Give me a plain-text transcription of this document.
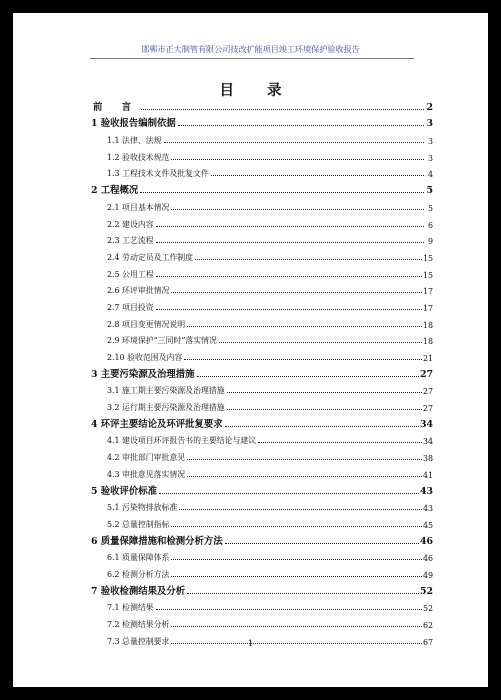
邯郸市正大制管有限公司技改扩能项目竣工环境保护验收报告
目 录
前 言	2
1 验收报告编制依据	3
1.1 法律、法规	3
1.2 验收技术规范	3
1.3 工程技术文件及批复文件	4
2 工程概况	5
2.1 项目基本情况	5
2.2 建设内容	6
2.3 工艺流程	9
2.4 劳动定员及工作制度	15
2.5 公用工程	15
2.6 环评审批情况	17
2.7 项目投资	17
2.8 项目变更情况说明	18
2.9 环境保护“三同时”落实情况	18
2.10 验收范围及内容	21
3 主要污染源及治理措施	27
3.1 施工期主要污染源及治理措施	27
3.2 运行期主要污染源及治理措施	27
4 环评主要结论及环评批复要求	34
4.1 建设项目环评报告书的主要结论与建议	34
4.2 审批部门审批意见	38
4.3 审批意见落实情况	41
5 验收评价标准	43
5.1 污染物排放标准	43
5.2 总量控制指标	45
6 质量保障措施和检测分析方法	46
6.1 质量保障体系	46
6.2 检测分析方法	49
7 验收检测结果及分析	52
7.1 检测结果	52
7.2 检测结果分析	62
7.3 总量控制要求	67
1
